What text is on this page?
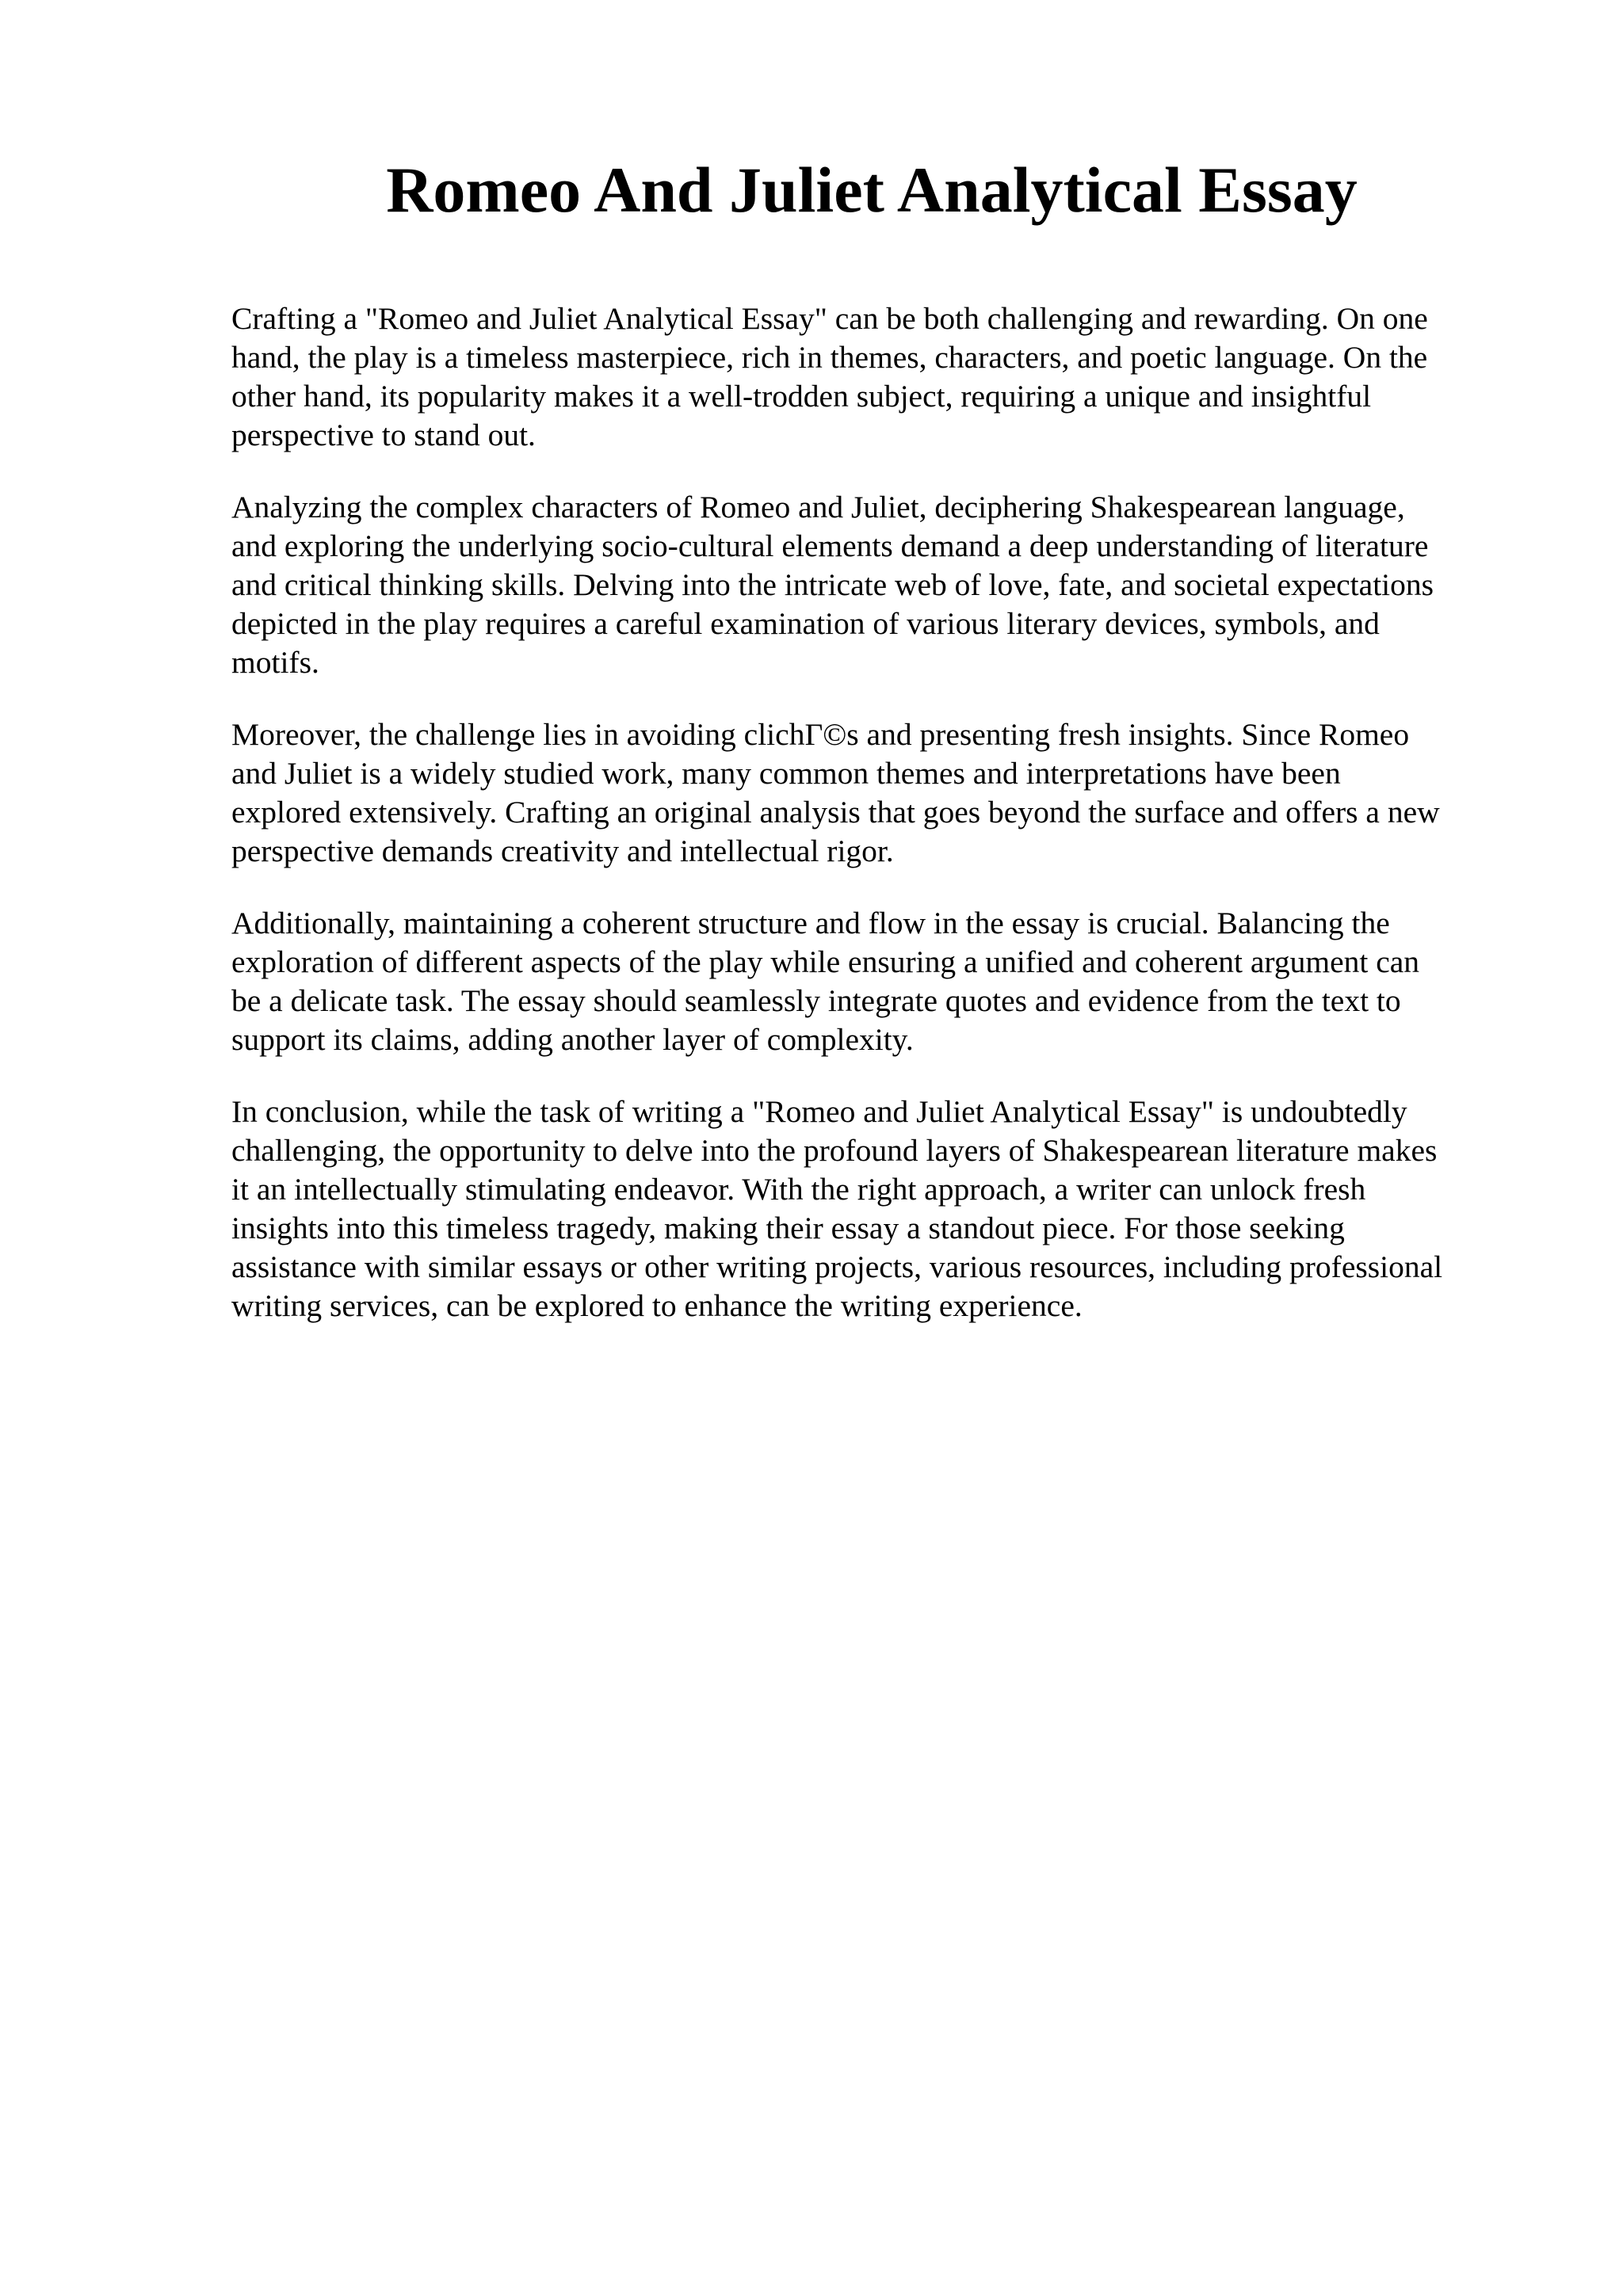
Romeo And Juliet Analytical Essay

Crafting a "Romeo and Juliet Analytical Essay" can be both challenging and rewarding. On one
hand, the play is a timeless masterpiece, rich in themes, characters, and poetic language. On the
other hand, its popularity makes it a well-trodden subject, requiring a unique and insightful
perspective to stand out.

Analyzing the complex characters of Romeo and Juliet, deciphering Shakespearean language,
and exploring the underlying socio-cultural elements demand a deep understanding of literature
and critical thinking skills. Delving into the intricate web of love, fate, and societal expectations
depicted in the play requires a careful examination of various literary devices, symbols, and
motifs.

Moreover, the challenge lies in avoiding clichΓ©s and presenting fresh insights. Since Romeo
and Juliet is a widely studied work, many common themes and interpretations have been
explored extensively. Crafting an original analysis that goes beyond the surface and offers a new
perspective demands creativity and intellectual rigor.

Additionally, maintaining a coherent structure and flow in the essay is crucial. Balancing the
exploration of different aspects of the play while ensuring a unified and coherent argument can
be a delicate task. The essay should seamlessly integrate quotes and evidence from the text to
support its claims, adding another layer of complexity.

In conclusion, while the task of writing a "Romeo and Juliet Analytical Essay" is undoubtedly
challenging, the opportunity to delve into the profound layers of Shakespearean literature makes
it an intellectually stimulating endeavor. With the right approach, a writer can unlock fresh
insights into this timeless tragedy, making their essay a standout piece. For those seeking
assistance with similar essays or other writing projects, various resources, including professional
writing services, can be explored to enhance the writing experience.
